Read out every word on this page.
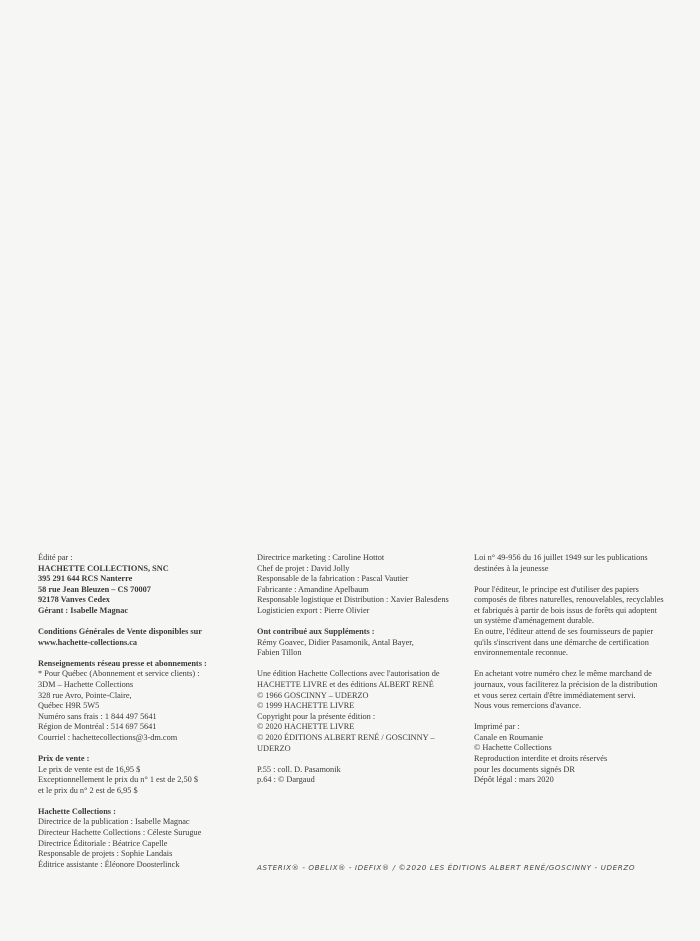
Édité par :
HACHETTE COLLECTIONS, SNC
395 291 644 RCS Nanterre
58 rue Jean Bleuzen – CS 70007
92178 Vanves Cedex
Gérant : Isabelle Magnac
Conditions Générales de Vente disponibles sur
www.hachette-collections.ca
Renseignements réseau presse et abonnements :
* Pour Québec (Abonnement et service clients) :
3DM – Hachette Collections
328 rue Avro, Pointe-Claire,
Québec H9R 5W5
Numéro sans frais : 1 844 497 5641
Région de Montréal : 514 697 5641
Courriel : hachettecollections@3-dm.com
Prix de vente :
Le prix de vente est de 16,95 $
Exceptionnellement le prix du n° 1 est de 2,50 $
et le prix du n° 2 est de 6,95 $
Hachette Collections :
Directrice de la publication : Isabelle Magnac
Directeur Hachette Collections : Céleste Surugue
Directrice Éditoriale : Béatrice Capelle
Responsable de projets : Sophie Landais
Éditrice assistante : Éléonore Doosterlinck
Directrice marketing : Caroline Hottot
Chef de projet : David Jolly
Responsable de la fabrication : Pascal Vautier
Fabricante : Amandine Apelbaum
Responsable logistique et Distribution : Xavier Balesdens
Logisticien export : Pierre Olivier
Ont contribué aux Suppléments :
Rémy Goavec, Didier Pasamonik, Antal Bayer,
Fabien Tillon
Une édition Hachette Collections avec l'autorisation de
HACHETTE LIVRE et des éditions ALBERT RENÉ
© 1966 GOSCINNY – UDERZO
© 1999 HACHETTE LIVRE
Copyright pour la présente édition :
© 2020 HACHETTE LIVRE
© 2020 ÉDITIONS ALBERT RENÉ / GOSCINNY –
UDERZO
P.55 : coll. D. Pasamonik
p.64 : © Dargaud
Loi n° 49-956 du 16 juillet 1949 sur les publications
destinées à la jeunesse
Pour l'éditeur, le principe est d'utiliser des papiers
composés de fibres naturelles, renouvelables, recyclables
et fabriqués à partir de bois issus de forêts qui adoptent
un système d'aménagement durable.
En outre, l'éditeur attend de ses fournisseurs de papier
qu'ils s'inscrivent dans une démarche de certification
environnementale reconnue.
En achetant votre numéro chez le même marchand de
journaux, vous faciliterez la précision de la distribution
et vous serez certain d'être immédiatement servi.
Nous vous remercions d'avance.
Imprimé par :
Canale en Roumanie
© Hachette Collections
Reproduction interdite et droits réservés
pour les documents signés DR
Dépôt légal : mars 2020
ASTERIX® - OBELIX® - IDEFIX® / ©2020 LES ÉDITIONS ALBERT RENÉ/GOSCINNY - UDERZO
